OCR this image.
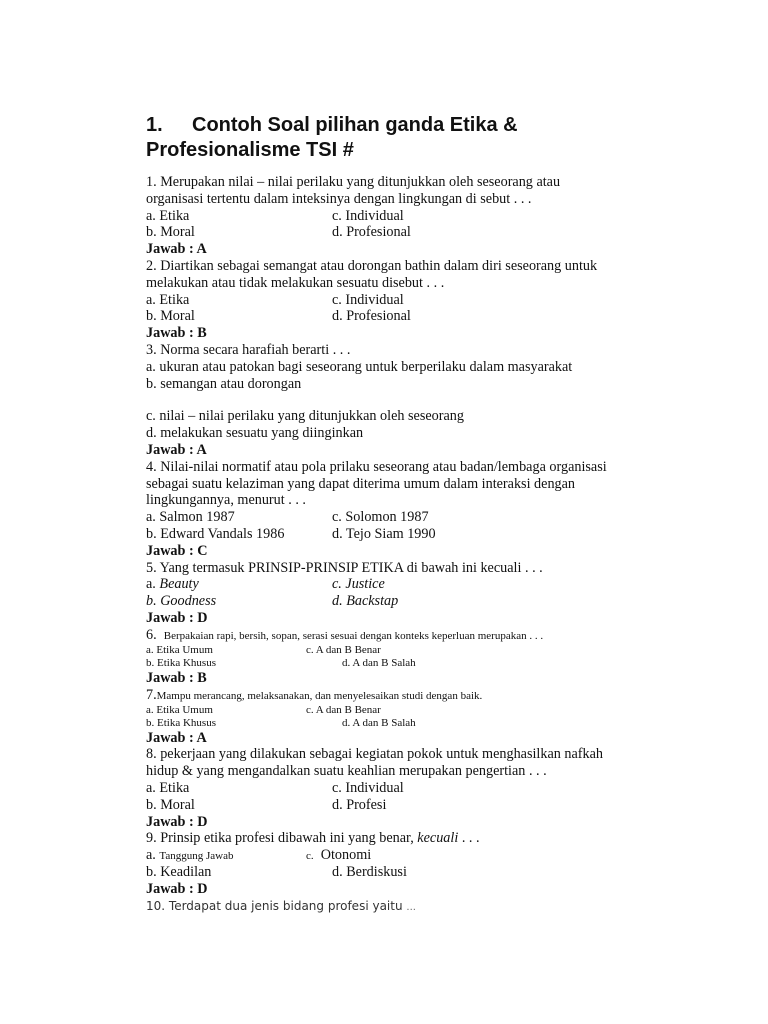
1. Contoh Soal pilihan ganda Etika &
Profesionalisme TSI #
1. Merupakan nilai – nilai perilaku yang ditunjukkan oleh seseorang atau
organisasi tertentu dalam inteksinya dengan lingkungan di sebut . . .
a. Etika	c. Individual
b. Moral	d. Profesional
Jawab : A
2. Diartikan sebagai semangat atau dorongan bathin dalam diri seseorang untuk
melakukan atau tidak melakukan sesuatu disebut . . .
a. Etika	c. Individual
b. Moral	d. Profesional
Jawab : B
3. Norma secara harafiah berarti . . .
a. ukuran atau patokan bagi seseorang untuk berperilaku dalam masyarakat
b. semangan atau dorongan
c. nilai – nilai perilaku yang ditunjukkan oleh seseorang
d. melakukan sesuatu yang diinginkan
Jawab : A
4. Nilai-nilai normatif atau pola prilaku seseorang atau badan/lembaga organisasi
sebagai suatu kelaziman yang dapat diterima umum dalam interaksi dengan
lingkungannya, menurut . . .
a. Salmon 1987	c. Solomon 1987
b. Edward Vandals 1986	d. Tejo Siam 1990
Jawab : C
5. Yang termasuk PRINSIP-PRINSIP ETIKA di bawah ini kecuali . . .
a. Beauty	c. Justice
b. Goodness	d. Backstap
Jawab : D
6. Berpakaian rapi, bersih, sopan, serasi sesuai dengan konteks keperluan merupakan . . .
a. Etika Umum	c. A dan B Benar
b. Etika Khusus	d. A dan B Salah
Jawab : B
7.Mampu merancang, melaksanakan, dan menyelesaikan studi dengan baik.
a. Etika Umum	c. A dan B Benar
b. Etika Khusus	d. A dan B Salah
Jawab : A
8. pekerjaan yang dilakukan sebagai kegiatan pokok untuk menghasilkan nafkah
hidup & yang mengandalkan suatu keahlian merupakan pengertian . . .
a. Etika	c. Individual
b. Moral	d. Profesi
Jawab : D
9. Prinsip etika profesi dibawah ini yang benar, kecuali . . .
a. Tanggung Jawab	c. Otonomi
b. Keadilan	d. Berdiskusi
Jawab : D
10. Terdapat dua jenis bidang profesi yaitu ...
